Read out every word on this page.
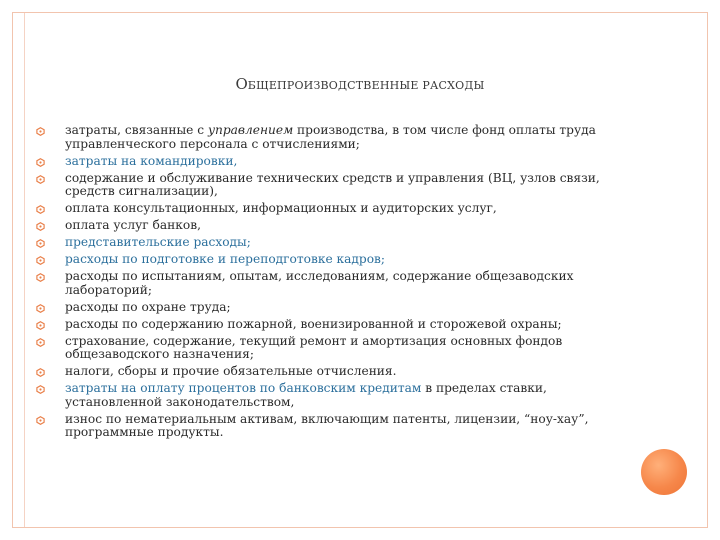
ОБЩЕПРОИЗВОДСТВЕННЫЕ РАСХОДЫ
затраты, связанные с управлением производства, в том числе фонд оплаты труда управленческого персонала с отчислениями;
затраты на командировки,
содержание и обслуживание технических средств и управления (ВЦ, узлов связи, средств сигнализации),
оплата консультационных, информационных и аудиторских услуг,
оплата услуг банков,
представительские расходы;
расходы по подготовке и переподготовке кадров;
расходы по испытаниям, опытам, исследованиям, содержание общезаводских лабораторий;
расходы по охране труда;
расходы по содержанию пожарной, военизированной и сторожевой охраны;
страхование, содержание, текущий ремонт и амортизация основных фондов общезаводского назначения;
налоги, сборы и прочие обязательные отчисления.
затраты на оплату процентов по банковским кредитам в пределах ставки, установленной законодательством,
износ по нематериальным активам, включающим патенты, лицензии, “ноу-хау”, программные продукты.
